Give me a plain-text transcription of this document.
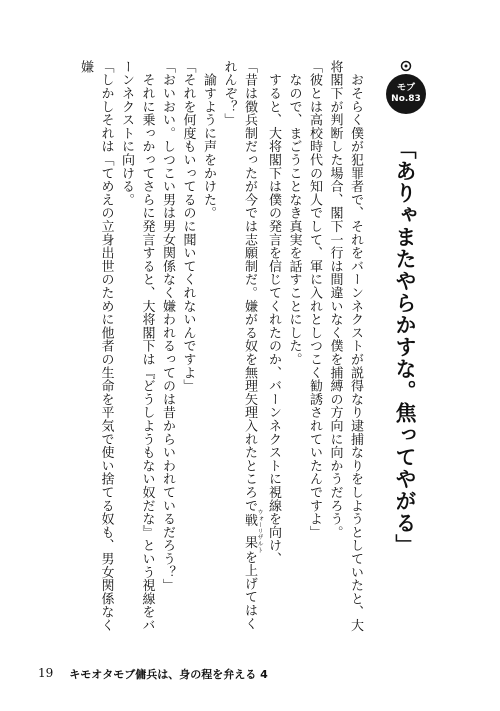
モブ
No.83
「ありゃまたやらかすな。焦ってやがる」

　おそらく僕が犯罪者で、それをバーンネクストが説得なり逮捕なりをしようとしていたと、大将閣下が判断した場合、閣下一行は間違いなく僕を捕縛の方向に向かうだろう。

「彼とは高校時代の知人でして、軍に入れとしつこく勧誘されていたんですよ」

　なので、まごうことなき真実を話すことにした。

　すると、大将閣下は僕の発言を信じてくれたのか、バーンネクストに視線を向け、

「昔は徴兵制だったが今では志願制だ。嫌がる奴を無理矢理入れたところで戦果 ウォーリザルトを上げてはくれんぞ？」

　諭すように声をかけた。

「それを何度もいってるのに聞いてくれないんですよ」

「おいおい。しつこい男は男女関係なく嫌われるってのは昔からいわれているだろう？」

　それに乗っかってさらに発言すると、大将閣下は『どうしようもない奴だな』という視線をバーンネクストに向ける。

「しかしそれは「てめえの立身出世のために他者の生命を平気で使い捨てる奴も、男女関係なく嫌

19 キモオタモブ傭兵は、身の程を弁える 4
